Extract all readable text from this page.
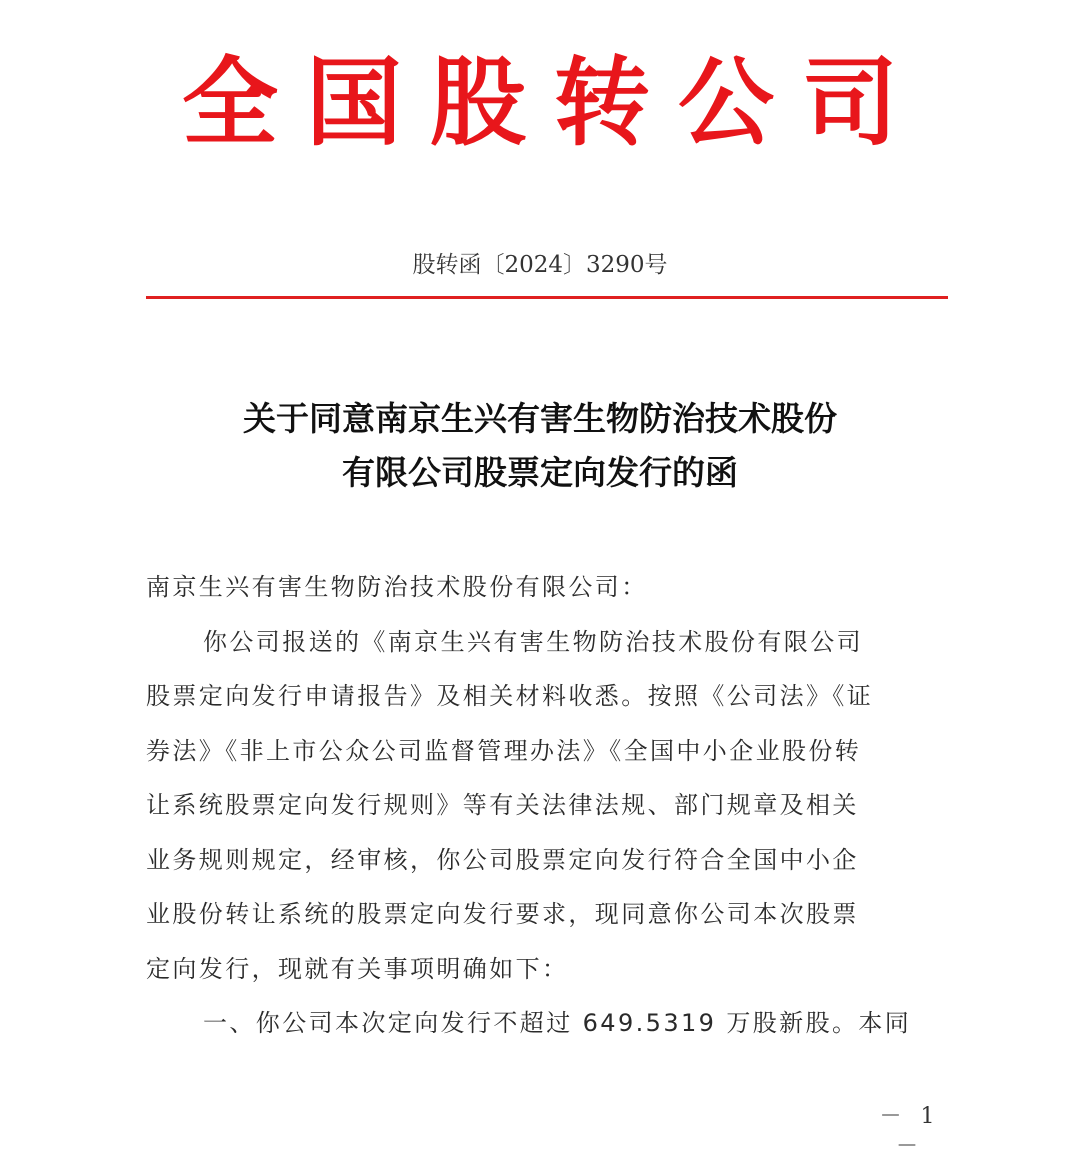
全国股转公司
股转函〔2024〕3290号
关于同意南京生兴有害生物防治技术股份
有限公司股票定向发行的函
南京生兴有害生物防治技术股份有限公司：
你公司报送的《南京生兴有害生物防治技术股份有限公司
股票定向发行申请报告》及相关材料收悉。按照《公司法》《证
券法》《非上市公众公司监督管理办法》《全国中小企业股份转
让系统股票定向发行规则》等有关法律法规、部门规章及相关
业务规则规定，经审核，你公司股票定向发行符合全国中小企
业股份转让系统的股票定向发行要求，现同意你公司本次股票
定向发行，现就有关事项明确如下：
一、你公司本次定向发行不超过 649.5319 万股新股。本同
－ 1 －
